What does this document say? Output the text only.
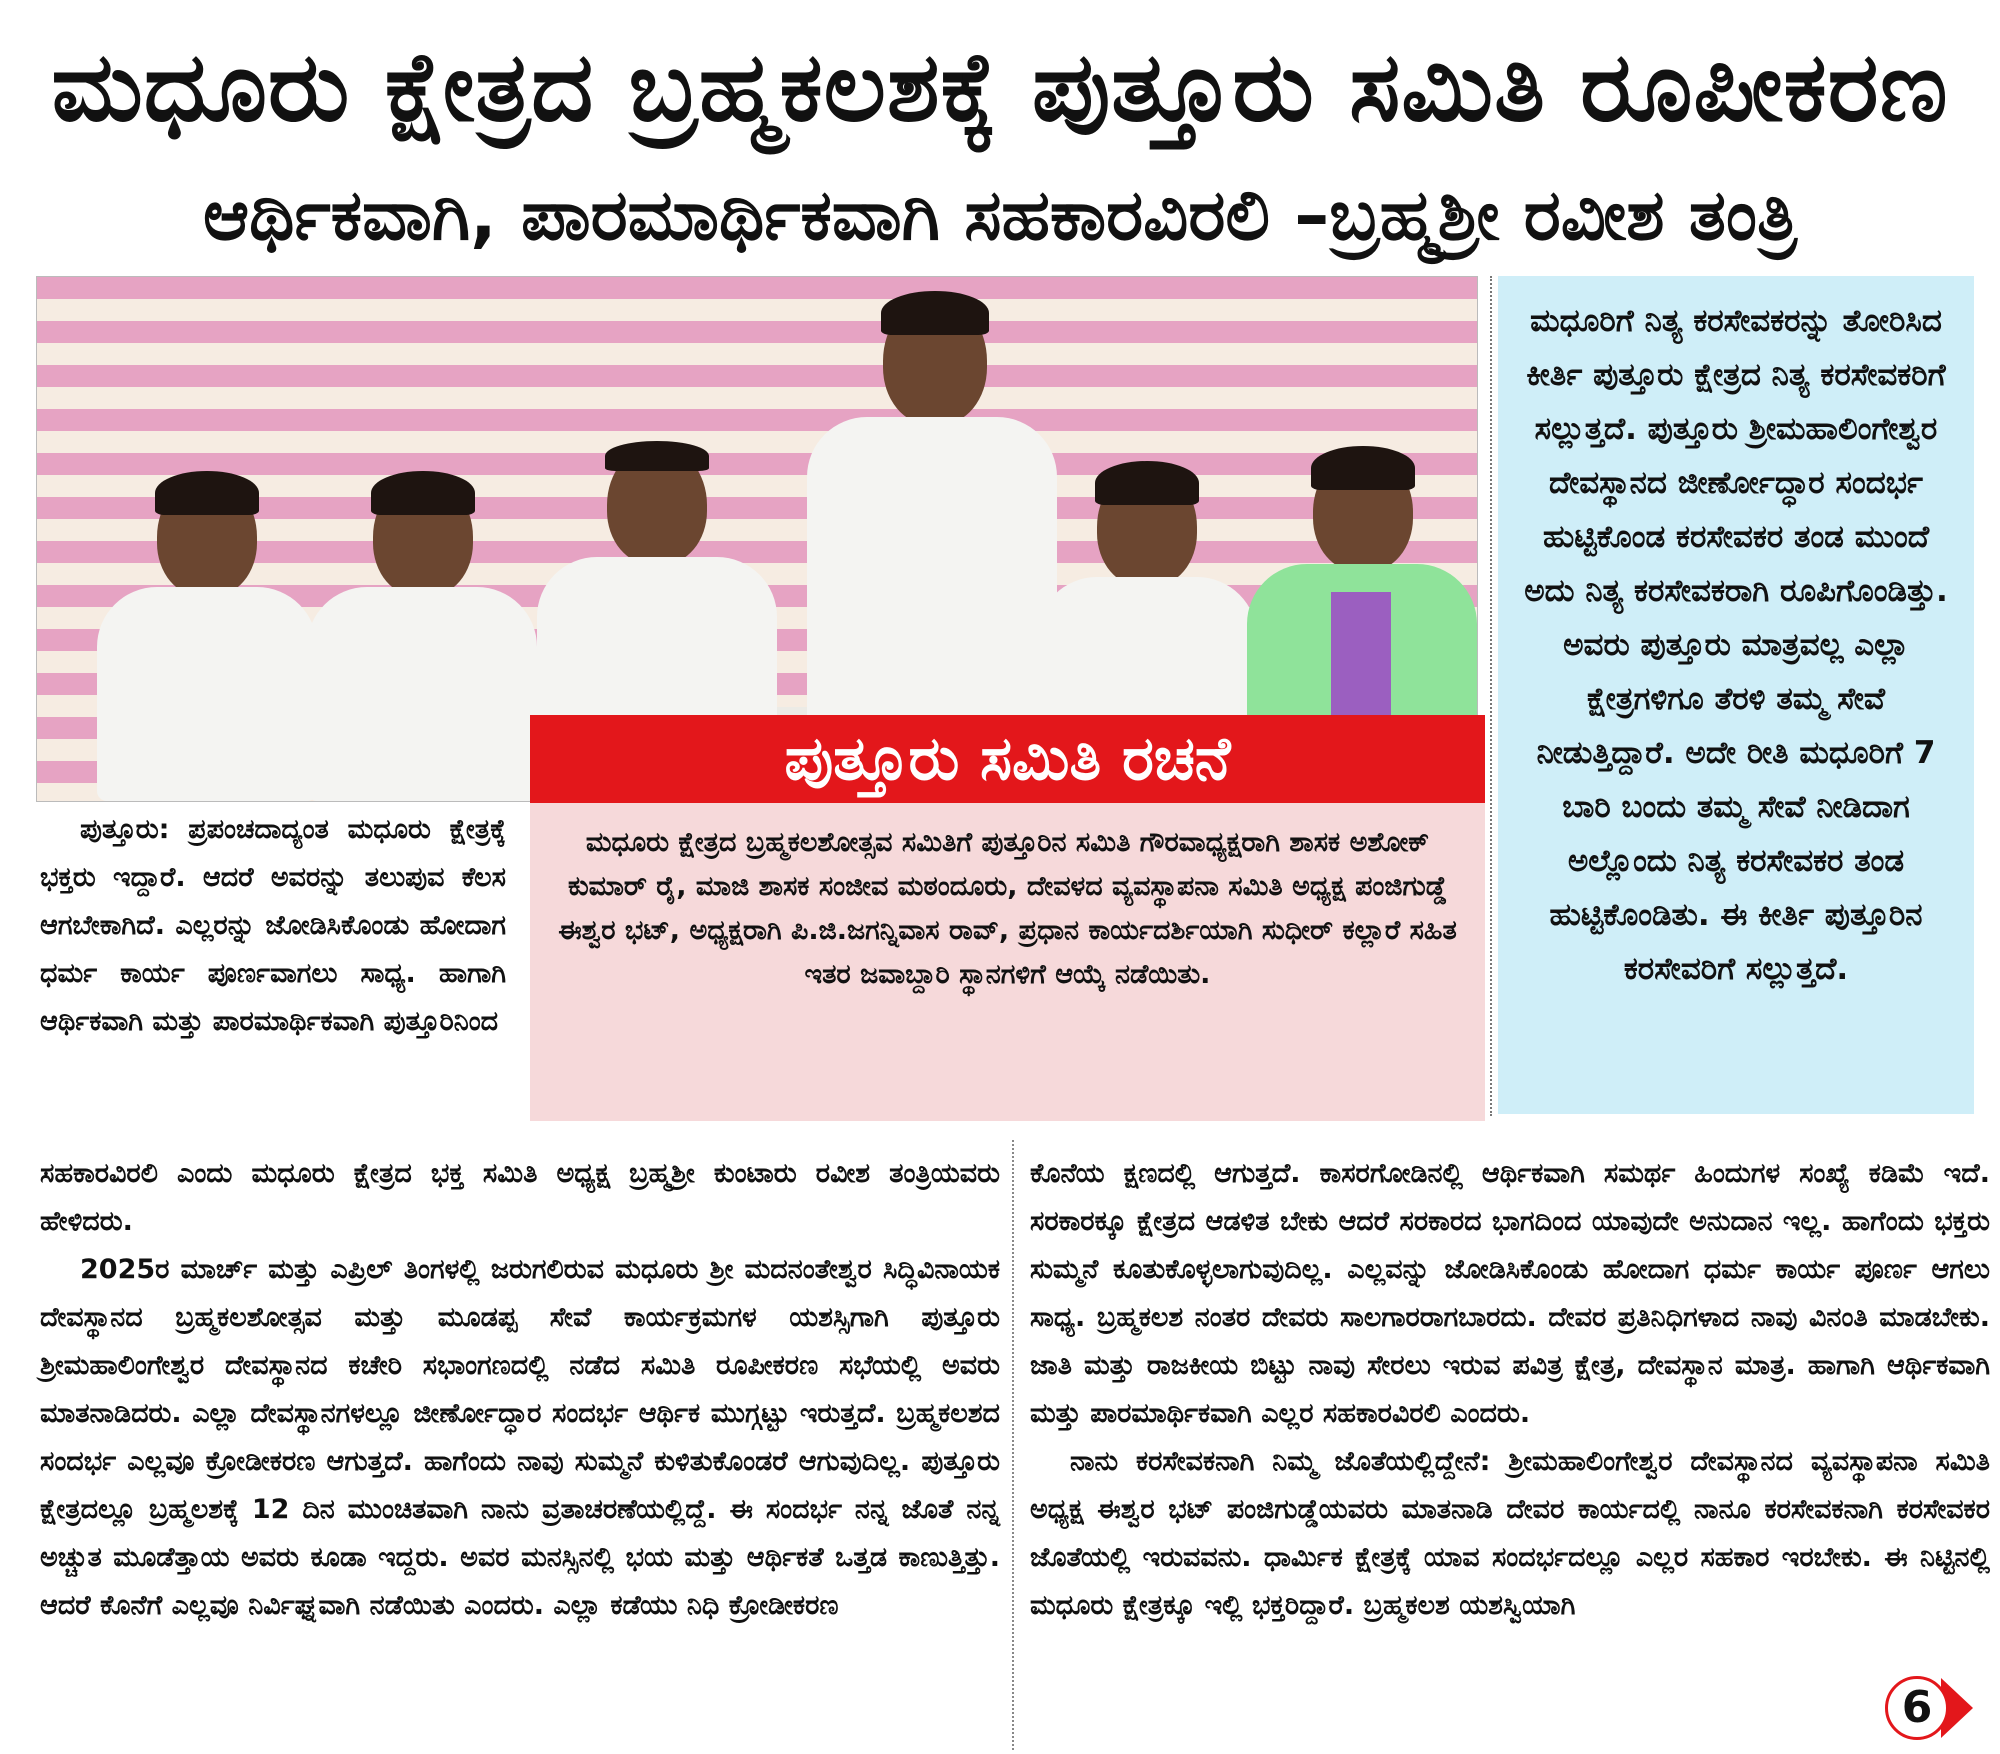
ಮಧೂರು ಕ್ಷೇತ್ರದ ಬ್ರಹ್ಮಕಲಶಕ್ಕೆ ಪುತ್ತೂರು ಸಮಿತಿ ರೂಪೀಕರಣ
ಆರ್ಥಿಕವಾಗಿ, ಪಾರಮಾರ್ಥಿಕವಾಗಿ ಸಹಕಾರವಿರಲಿ –ಬ್ರಹ್ಮಶ್ರೀ ರವೀಶ ತಂತ್ರಿ
ಪುತ್ತೂರು ಸಮಿತಿ ರಚನೆ

ಮಧೂರು ಕ್ಷೇತ್ರದ ಬ್ರಹ್ಮಕಲಶೋತ್ಸವ ಸಮಿತಿಗೆ ಪುತ್ತೂರಿನ ಸಮಿತಿ ಗೌರವಾಧ್ಯಕ್ಷರಾಗಿ ಶಾಸಕ ಅಶೋಕ್ ಕುಮಾರ್ ರೈ, ಮಾಜಿ ಶಾಸಕ ಸಂಜೀವ ಮಠಂದೂರು, ದೇವಳದ ವ್ಯವಸ್ಥಾಪನಾ ಸಮಿತಿ ಅಧ್ಯಕ್ಷ ಪಂಜಿಗುಡ್ಡೆ ಈಶ್ವರ ಭಟ್, ಅಧ್ಯಕ್ಷರಾಗಿ ಪಿ.ಜಿ.ಜಗನ್ನಿವಾಸ ರಾವ್, ಪ್ರಧಾನ ಕಾರ್ಯದರ್ಶಿಯಾಗಿ ಸುಧೀರ್ ಕಲ್ಲಾರೆ ಸಹಿತ ಇತರ ಜವಾಬ್ದಾರಿ ಸ್ಥಾನಗಳಿಗೆ ಆಯ್ಕೆ ನಡೆಯಿತು.

ಮಧೂರಿಗೆ ನಿತ್ಯ ಕರಸೇವಕರನ್ನು ತೋರಿಸಿದ ಕೀರ್ತಿ ಪುತ್ತೂರು ಕ್ಷೇತ್ರದ ನಿತ್ಯ ಕರಸೇವಕರಿಗೆ ಸಲ್ಲುತ್ತದೆ. ಪುತ್ತೂರು ಶ್ರೀಮಹಾಲಿಂಗೇಶ್ವರ ದೇವಸ್ಥಾನದ ಜೀರ್ಣೋದ್ಧಾರ ಸಂದರ್ಭ ಹುಟ್ಟಿಕೊಂಡ ಕರಸೇವಕರ ತಂಡ ಮುಂದೆ ಅದು ನಿತ್ಯ ಕರಸೇವಕರಾಗಿ ರೂಪಿಗೊಂಡಿತ್ತು. ಅವರು ಪುತ್ತೂರು ಮಾತ್ರವಲ್ಲ ಎಲ್ಲಾ ಕ್ಷೇತ್ರಗಳಿಗೂ ತೆರಳಿ ತಮ್ಮ ಸೇವೆ ನೀಡುತ್ತಿದ್ದಾರೆ. ಅದೇ ರೀತಿ ಮಧೂರಿಗೆ 7 ಬಾರಿ ಬಂದು ತಮ್ಮ ಸೇವೆ ನೀಡಿದಾಗ ಅಲ್ಲೊಂದು ನಿತ್ಯ ಕರಸೇವಕರ ತಂಡ ಹುಟ್ಟಿಕೊಂಡಿತು. ಈ ಕೀರ್ತಿ ಪುತ್ತೂರಿನ ಕರಸೇವರಿಗೆ ಸಲ್ಲುತ್ತದೆ.

ಪುತ್ತೂರು: ಪ್ರಪಂಚದಾದ್ಯಂತ ಮಧೂರು ಕ್ಷೇತ್ರಕ್ಕೆ ಭಕ್ತರು ಇದ್ದಾರೆ. ಆದರೆ ಅವರನ್ನು ತಲುಪುವ ಕೆಲಸ ಆಗಬೇಕಾಗಿದೆ. ಎಲ್ಲರನ್ನು ಜೋಡಿಸಿಕೊಂಡು ಹೋದಾಗ ಧರ್ಮ ಕಾರ್ಯ ಪೂರ್ಣವಾಗಲು ಸಾಧ್ಯ. ಹಾಗಾಗಿ ಆರ್ಥಿಕವಾಗಿ ಮತ್ತು ಪಾರಮಾರ್ಥಿಕವಾಗಿ ಪುತ್ತೂರಿನಿಂದ

ಸಹಕಾರವಿರಲಿ ಎಂದು ಮಧೂರು ಕ್ಷೇತ್ರದ ಭಕ್ತ ಸಮಿತಿ ಅಧ್ಯಕ್ಷ ಬ್ರಹ್ಮಶ್ರೀ ಕುಂಟಾರು ರವೀಶ ತಂತ್ರಿಯವರು ಹೇಳಿದರು.

2025ರ ಮಾರ್ಚ್ ಮತ್ತು ಎಪ್ರಿಲ್ ತಿಂಗಳಲ್ಲಿ ಜರುಗಲಿರುವ ಮಧೂರು ಶ್ರೀ ಮದನಂತೇಶ್ವರ ಸಿದ್ಧಿವಿನಾಯಕ ದೇವಸ್ಥಾನದ ಬ್ರಹ್ಮಕಲಶೋತ್ಸವ ಮತ್ತು ಮೂಡಪ್ಪ ಸೇವೆ ಕಾರ್ಯಕ್ರಮಗಳ ಯಶಸ್ಸಿಗಾಗಿ ಪುತ್ತೂರು ಶ್ರೀಮಹಾಲಿಂಗೇಶ್ವರ ದೇವಸ್ಥಾನದ ಕಚೇರಿ ಸಭಾಂಗಣದಲ್ಲಿ ನಡೆದ ಸಮಿತಿ ರೂಪೀಕರಣ ಸಭೆಯಲ್ಲಿ ಅವರು ಮಾತನಾಡಿದರು. ಎಲ್ಲಾ ದೇವಸ್ಥಾನಗಳಲ್ಲೂ ಜೀರ್ಣೋದ್ಧಾರ ಸಂದರ್ಭ ಆರ್ಥಿಕ ಮುಗ್ಗಟ್ಟು ಇರುತ್ತದೆ. ಬ್ರಹ್ಮಕಲಶದ ಸಂದರ್ಭ ಎಲ್ಲವೂ ಕ್ರೋಡೀಕರಣ ಆಗುತ್ತದೆ. ಹಾಗೆಂದು ನಾವು ಸುಮ್ಮನೆ ಕುಳಿತುಕೊಂಡರೆ ಆಗುವುದಿಲ್ಲ. ಪುತ್ತೂರು ಕ್ಷೇತ್ರದಲ್ಲೂ ಬ್ರಹ್ಮಲಶಕ್ಕೆ 12 ದಿನ ಮುಂಚಿತವಾಗಿ ನಾನು ವ್ರತಾಚರಣೆಯಲ್ಲಿದ್ದೆ. ಈ ಸಂದರ್ಭ ನನ್ನ ಜೊತೆ ನನ್ನ ಅಚ್ಚುತ ಮೂಡೆತ್ತಾಯ ಅವರು ಕೂಡಾ ಇದ್ದರು. ಅವರ ಮನಸ್ಸಿನಲ್ಲಿ ಭಯ ಮತ್ತು ಆರ್ಥಿಕತೆ ಒತ್ತಡ ಕಾಣುತ್ತಿತ್ತು. ಆದರೆ ಕೊನೆಗೆ ಎಲ್ಲವೂ ನಿರ್ವಿಘ್ನವಾಗಿ ನಡೆಯಿತು ಎಂದರು. ಎಲ್ಲಾ ಕಡೆಯು ನಿಧಿ ಕ್ರೋಡೀಕರಣ

ಕೊನೆಯ ಕ್ಷಣದಲ್ಲಿ ಆಗುತ್ತದೆ. ಕಾಸರಗೋಡಿನಲ್ಲಿ ಆರ್ಥಿಕವಾಗಿ ಸಮರ್ಥ ಹಿಂದುಗಳ ಸಂಖ್ಯೆ ಕಡಿಮೆ ಇದೆ. ಸರಕಾರಕ್ಕೂ ಕ್ಷೇತ್ರದ ಆಡಳಿತ ಬೇಕು ಆದರೆ ಸರಕಾರದ ಭಾಗದಿಂದ ಯಾವುದೇ ಅನುದಾನ ಇಲ್ಲ. ಹಾಗೆಂದು ಭಕ್ತರು ಸುಮ್ಮನೆ ಕೂತುಕೊಳ್ಳಲಾಗುವುದಿಲ್ಲ. ಎಲ್ಲವನ್ನು ಜೋಡಿಸಿಕೊಂಡು ಹೋದಾಗ ಧರ್ಮ ಕಾರ್ಯ ಪೂರ್ಣ ಆಗಲು ಸಾಧ್ಯ. ಬ್ರಹ್ಮಕಲಶ ನಂತರ ದೇವರು ಸಾಲಗಾರರಾಗಬಾರದು. ದೇವರ ಪ್ರತಿನಿಧಿಗಳಾದ ನಾವು ವಿನಂತಿ ಮಾಡಬೇಕು. ಜಾತಿ ಮತ್ತು ರಾಜಕೀಯ ಬಿಟ್ಟು ನಾವು ಸೇರಲು ಇರುವ ಪವಿತ್ರ ಕ್ಷೇತ್ರ, ದೇವಸ್ಥಾನ ಮಾತ್ರ. ಹಾಗಾಗಿ ಆರ್ಥಿಕವಾಗಿ ಮತ್ತು ಪಾರಮಾರ್ಥಿಕವಾಗಿ ಎಲ್ಲರ ಸಹಕಾರವಿರಲಿ ಎಂದರು.

ನಾನು ಕರಸೇವಕನಾಗಿ ನಿಮ್ಮ ಜೊತೆಯಲ್ಲಿದ್ದೇನೆ: ಶ್ರೀಮಹಾಲಿಂಗೇಶ್ವರ ದೇವಸ್ಥಾನದ ವ್ಯವಸ್ಥಾಪನಾ ಸಮಿತಿ ಅಧ್ಯಕ್ಷ ಈಶ್ವರ ಭಟ್ ಪಂಜಿಗುಡ್ಡೆಯವರು ಮಾತನಾಡಿ ದೇವರ ಕಾರ್ಯದಲ್ಲಿ ನಾನೂ ಕರಸೇವಕನಾಗಿ ಕರಸೇವಕರ ಜೊತೆಯಲ್ಲಿ ಇರುವವನು. ಧಾರ್ಮಿಕ ಕ್ಷೇತ್ರಕ್ಕೆ ಯಾವ ಸಂದರ್ಭದಲ್ಲೂ ಎಲ್ಲರ ಸಹಕಾರ ಇರಬೇಕು. ಈ ನಿಟ್ಟಿನಲ್ಲಿ ಮಧೂರು ಕ್ಷೇತ್ರಕ್ಕೂ ಇಲ್ಲಿ ಭಕ್ತರಿದ್ದಾರೆ. ಬ್ರಹ್ಮಕಲಶ ಯಶಸ್ವಿಯಾಗಿ

6
